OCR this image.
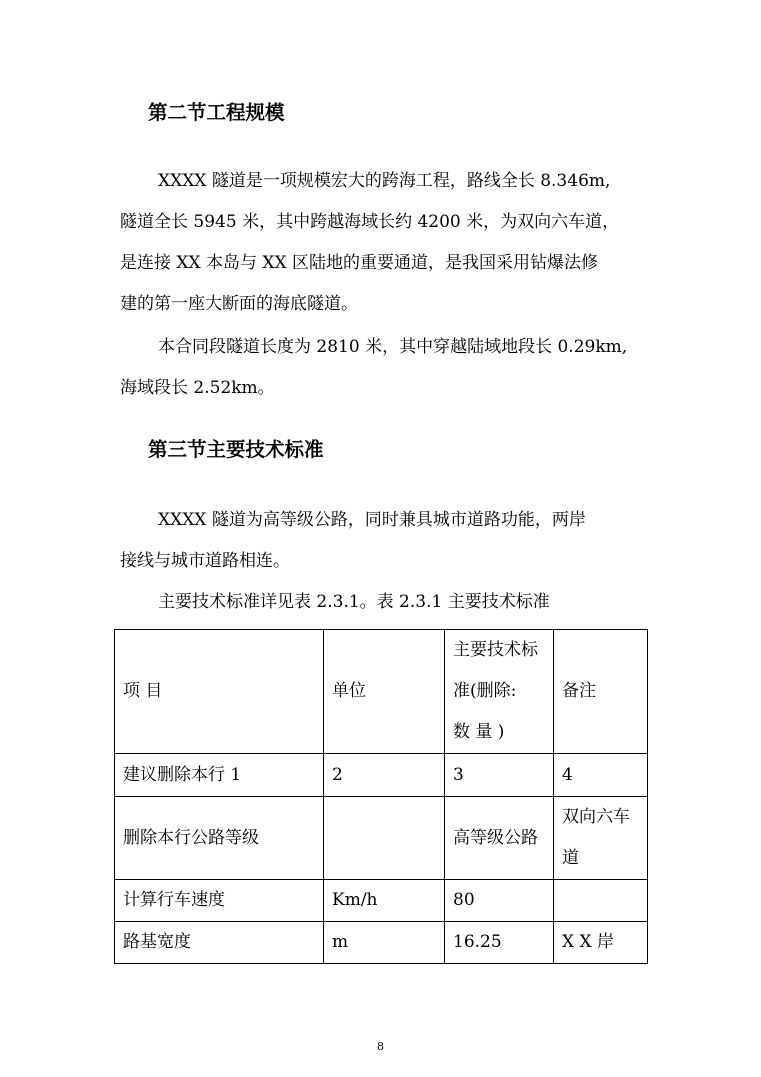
第二节工程规模
XXXX 隧道是一项规模宏大的跨海工程，路线全长 8.346m,
隧道全长 5945 米，其中跨越海域长约 4200 米，为双向六车道，
是连接 XX 本岛与 XX 区陆地的重要通道，是我国采用钻爆法修
建的第一座大断面的海底隧道。
本合同段隧道长度为 2810 米，其中穿越陆域地段长 0.29km,
海域段长 2.52km。
第三节主要技术标准
XXXX 隧道为高等级公路，同时兼具城市道路功能，两岸
接线与城市道路相连。
主要技术标准详见表 2.3.1。表 2.3.1 主要技术标准
项 目	单位	主要技术标
准(删除:
数 量 )	备注
建议删除本行 1	2	3	4
删除本行公路等级		高等级公路	双向六车
道

计算行车速度	Km/h	80	
路基宽度	m	16.25	X X 岸
8
